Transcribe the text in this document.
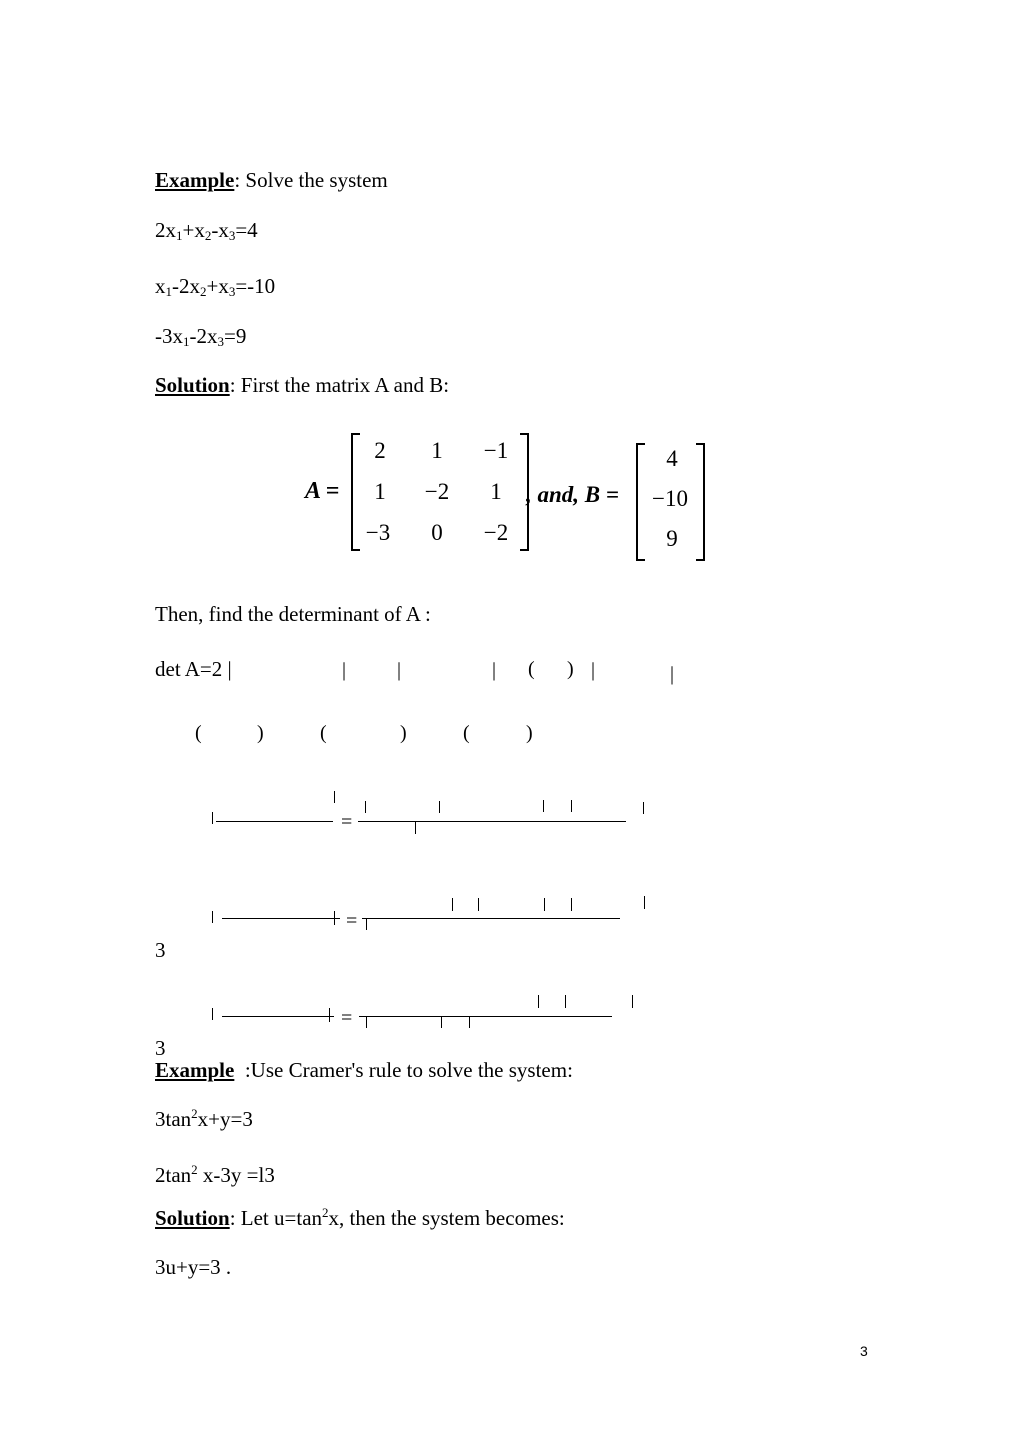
Example: Solve the system
$2x_1+x_2-x_3=4$
$x_1-2x_2+x_3=-10$
$-3x_1-2x_3=9$
Solution: First the matrix A and B:
A =
2 1 −1
1 −2 1
−3 0 −2
, and, B =
4
−10
9
Then, find the determinant of A :
det A=2 |	|	|	| ( ) |	|
(	)	(	)	(	)
=
=
3
=
3
Example :Use Cramer's rule to solve the system:
$3\tan^2x+y=3$
$2\tan^2$ x-3y =l3
Solution: Let $u=\tan^2x$, then the system becomes:
3u+y=3 .
3
